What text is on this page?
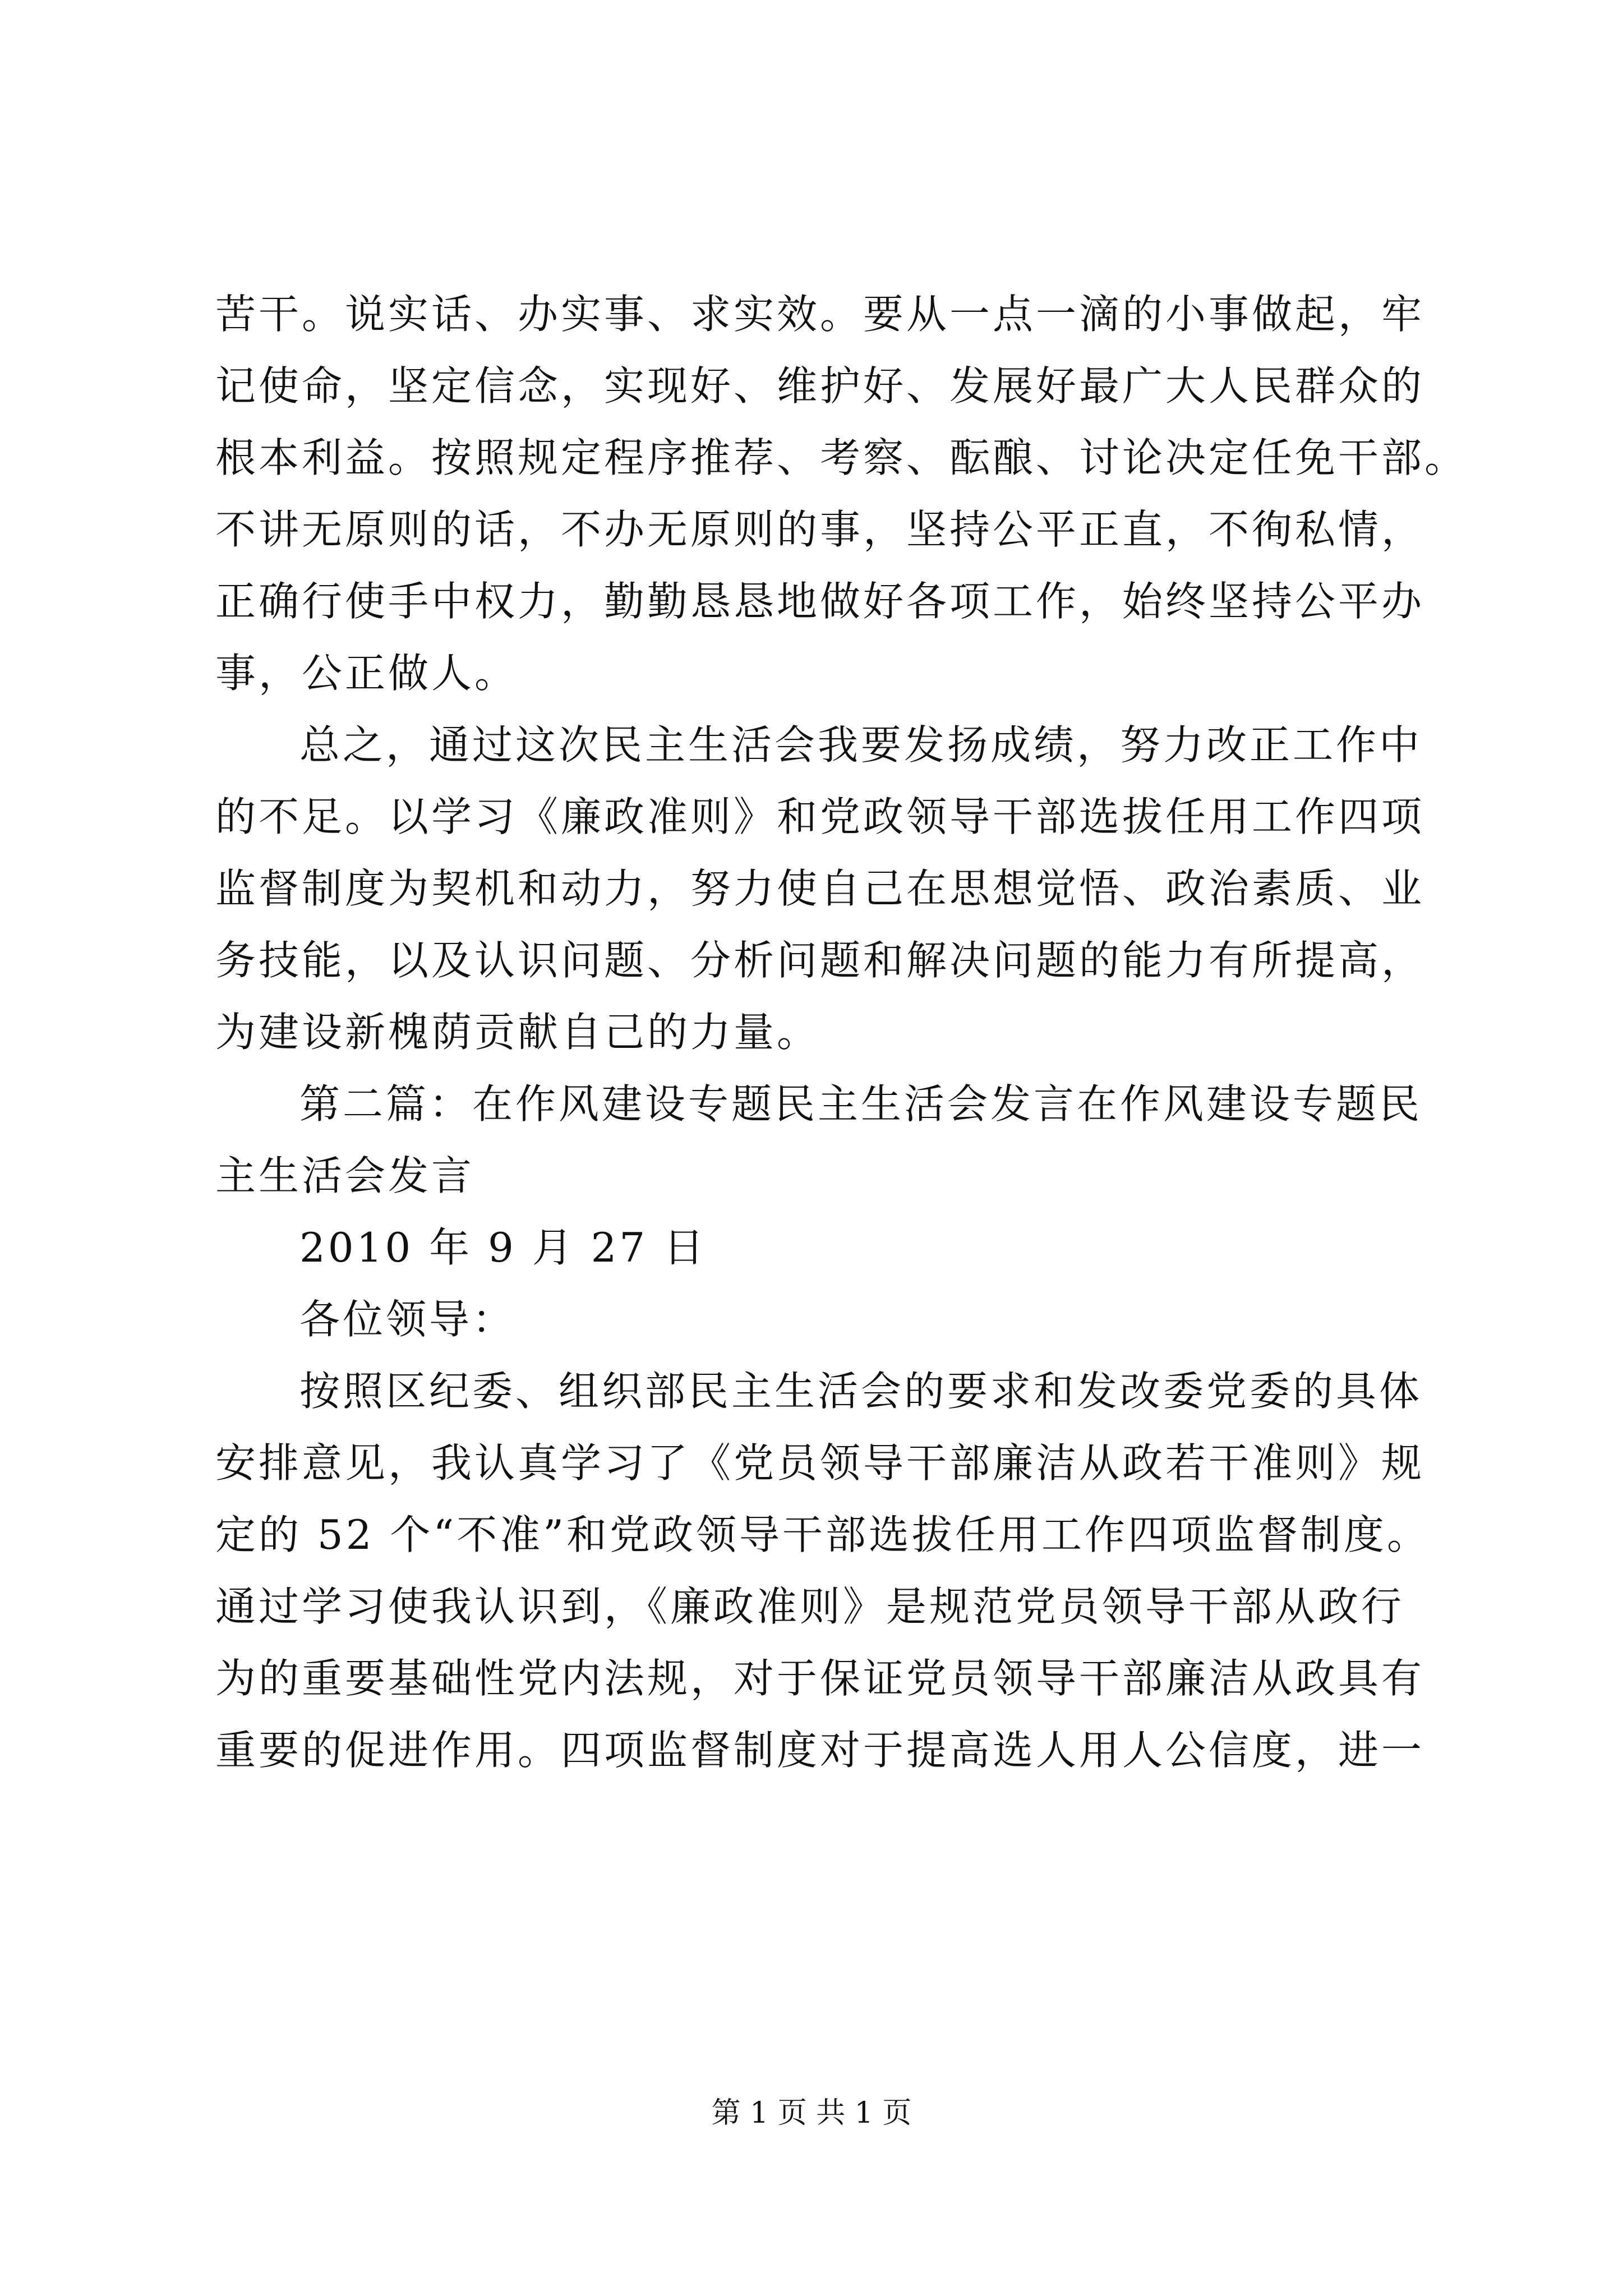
苦干。说实话、办实事、求实效。要从一点一滴的小事做起，牢
记使命，坚定信念，实现好、维护好、发展好最广大人民群众的
根本利益。按照规定程序推荐、考察、酝酿、讨论决定任免干部。
不讲无原则的话，不办无原则的事，坚持公平正直，不徇私情，
正确行使手中权力，勤勤恳恳地做好各项工作，始终坚持公平办
事，公正做人。
总之，通过这次民主生活会我要发扬成绩，努力改正工作中
的不足。以学习《廉政准则》和党政领导干部选拔任用工作四项
监督制度为契机和动力，努力使自己在思想觉悟、政治素质、业
务技能，以及认识问题、分析问题和解决问题的能力有所提高，
为建设新槐荫贡献自己的力量。
第二篇：在作风建设专题民主生活会发言在作风建设专题民
主生活会发言
2010 年 9 月 27 日
各位领导：
按照区纪委、组织部民主生活会的要求和发改委党委的具体
安排意见，我认真学习了《党员领导干部廉洁从政若干准则》规
定的 52 个“不准”和党政领导干部选拔任用工作四项监督制度。
通过学习使我认识到，《廉政准则》是规范党员领导干部从政行
为的重要基础性党内法规，对于保证党员领导干部廉洁从政具有
重要的促进作用。四项监督制度对于提高选人用人公信度，进一
第 1 页 共 1 页
